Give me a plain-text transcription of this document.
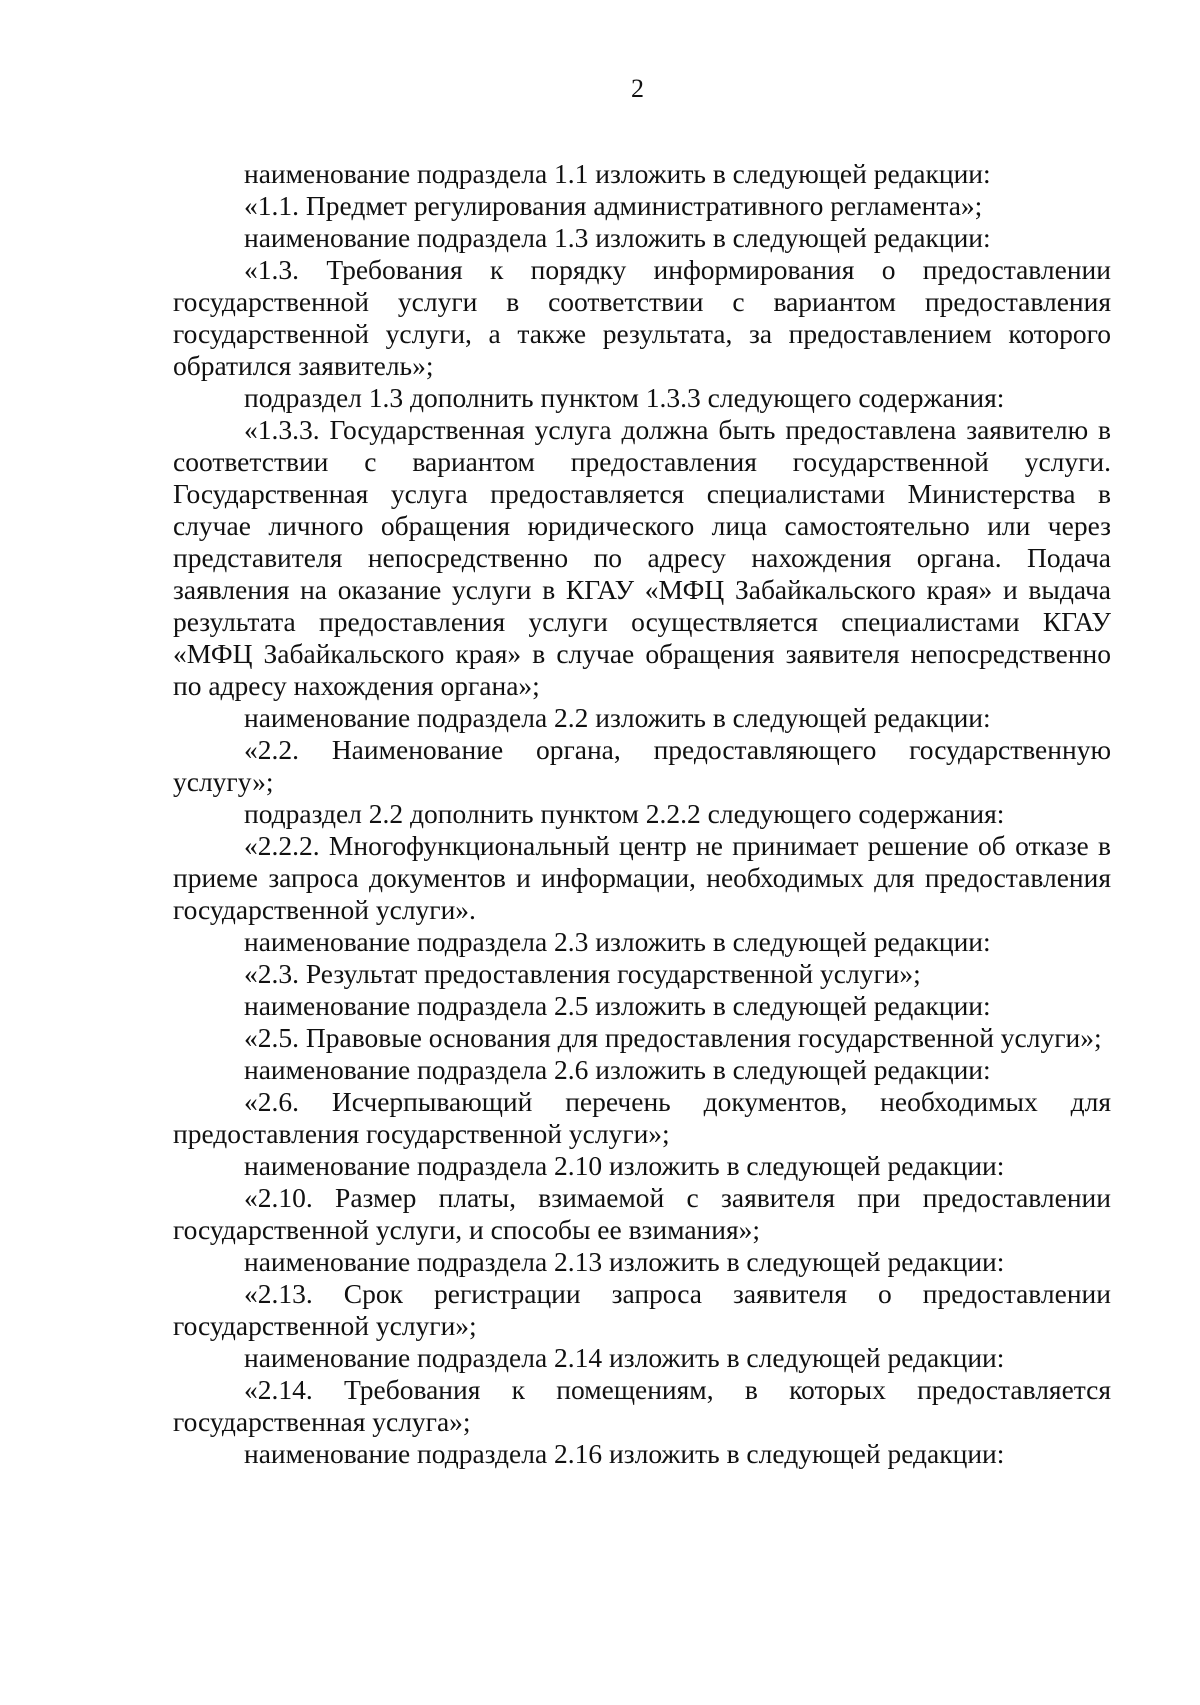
2

наименование подраздела 1.1 изложить в следующей редакции:

«1.1. Предмет регулирования административного регламента»;

наименование подраздела 1.3 изложить в следующей редакции:

«1.3. Требования к порядку информирования о предоставлении государственной услуги в соответствии с вариантом предоставления государственной услуги, а также результата, за предоставлением которого обратился заявитель»;

подраздел 1.3 дополнить пунктом 1.3.3 следующего содержания:

«1.3.3. Государственная услуга должна быть предоставлена заявителю в соответствии с вариантом предоставления государственной услуги. Государственная услуга предоставляется специалистами Министерства в случае личного обращения юридического лица самостоятельно или через представителя непосредственно по адресу нахождения органа. Подача заявления на оказание услуги в КГАУ «МФЦ Забайкальского края» и выдача результата предоставления услуги осуществляется специалистами КГАУ «МФЦ Забайкальского края» в случае обращения заявителя непосредственно по адресу нахождения органа»;

наименование подраздела 2.2 изложить в следующей редакции:

«2.2. Наименование органа, предоставляющего государственную услугу»;

подраздел 2.2 дополнить пунктом 2.2.2 следующего содержания:

«2.2.2. Многофункциональный центр не принимает решение об отказе в приеме запроса документов и информации, необходимых для предоставления государственной услуги».

наименование подраздела 2.3 изложить в следующей редакции:

«2.3. Результат предоставления государственной услуги»;

наименование подраздела 2.5 изложить в следующей редакции:

«2.5. Правовые основания для предоставления государственной услуги»;

наименование подраздела 2.6 изложить в следующей редакции:

«2.6. Исчерпывающий перечень документов, необходимых для предоставления государственной услуги»;

наименование подраздела 2.10 изложить в следующей редакции:

«2.10. Размер платы, взимаемой с заявителя при предоставлении государственной услуги, и способы ее взимания»;

наименование подраздела 2.13 изложить в следующей редакции:

«2.13. Срок регистрации запроса заявителя о предоставлении государственной услуги»;

наименование подраздела 2.14 изложить в следующей редакции:

«2.14. Требования к помещениям, в которых предоставляется государственная услуга»;

наименование подраздела 2.16 изложить в следующей редакции:
